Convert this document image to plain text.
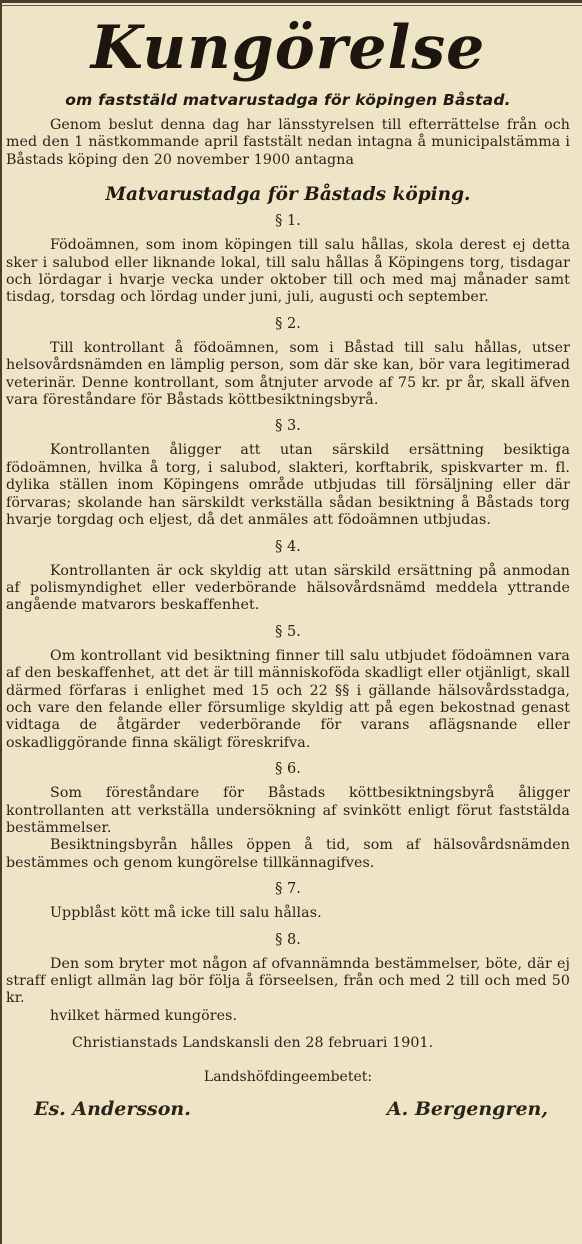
Kungörelse
om faststäld matvarustadga för köpingen Båstad.

Genom beslut denna dag har länsstyrelsen till efterrättelse från och med den 1 nästkommande april faststält nedan intagna å municipalstämma i Båstads köping den 20 november 1900 antagna

Matvarustadga för Båstads köping.
§ 1.

Födoämnen, som inom köpingen till salu hållas, skola derest ej detta sker i salubod eller liknande lokal, till salu hållas å Köpingens torg, tisdagar och lördagar i hvarje vecka under oktober till och med maj månader samt tisdag, torsdag och lördag under juni, juli, augusti och september.

§ 2.

Till kontrollant å födoämnen, som i Båstad till salu hållas, utser helsovårdsnämden en lämplig person, som där ske kan, bör vara legitimerad veterinär. Denne kontrollant, som åtnjuter arvode af 75 kr. pr år, skall äfven vara föreståndare för Båstads köttbesiktningsbyrå.

§ 3.

Kontrollanten åligger att utan särskild ersättning besiktiga födoämnen, hvilka å torg, i salubod, slakteri, korftabrik, spiskvarter m. fl. dylika ställen inom Köpingens område utbjudas till försäljning eller där förvaras; skolande han särskildt verkställa sådan besiktning å Båstads torg hvarje torgdag och eljest, då det anmäles att födoämnen utbjudas.

§ 4.

Kontrollanten är ock skyldig att utan särskild ersättning på anmodan af polismyndighet eller vederbörande hälsovårdsnämd meddela yttrande angående matvarors beskaffenhet.

§ 5.

Om kontrollant vid besiktning finner till salu utbjudet födoämnen vara af den beskaffenhet, att det är till människoföda skadligt eller otjänligt, skall därmed förfaras i enlighet med 15 och 22 §§ i gällande hälsovårdsstadga, och vare den felande eller försumlige skyldig att på egen bekostnad genast vidtaga de åtgärder vederbörande för varans aflägsnande eller oskadliggörande finna skäligt föreskrifva.

§ 6.

Som föreståndare för Båstads köttbesiktningsbyrå åligger kontrollanten att verkställa undersökning af svinkött enligt förut faststälda bestämmelser.

Besiktningsbyrån hålles öppen å tid, som af hälsovårdsnämden bestämmes och genom kungörelse tillkännagifves.

§ 7.

Uppblåst kött må icke till salu hållas.

§ 8.

Den som bryter mot någon af ofvannämnda bestämmelser, böte, där ej straff enligt allmän lag bör följa å förseelsen, från och med 2 till och med 50 kr.

hvilket härmed kungöres.

Christianstads Landskansli den 28 februari 1901.

Landshöfdingeembetet:
Es. Andersson.	A. Bergengren,
